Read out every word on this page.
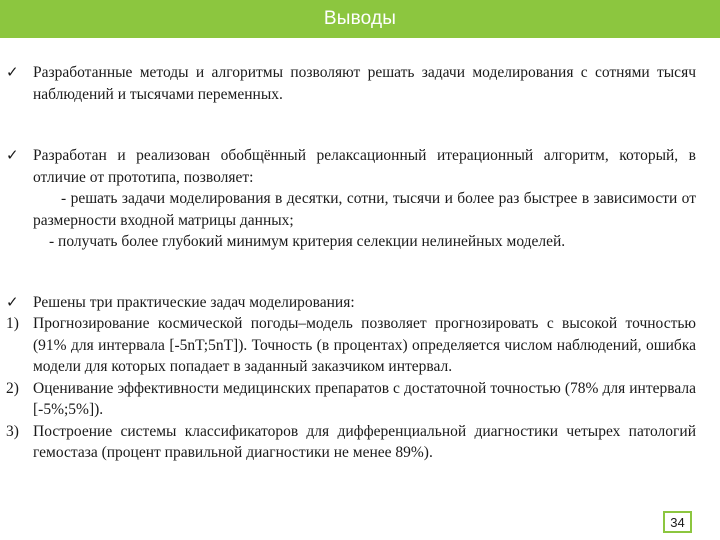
Выводы
✓ Разработанные методы и алгоритмы позволяют решать задачи моделирования с сотнями тысяч наблюдений и тысячами переменных.
✓ Разработан и реализован обобщённый релаксационный итерационный алгоритм, который, в отличие от прототипа, позволяет:
- решать задачи моделирования в десятки, сотни, тысячи и более раз быстрее в зависимости от размерности входной матрицы данных;
- получать более глубокий минимум критерия селекции нелинейных моделей.
✓ Решены три практические задач моделирования:
1) Прогнозирование космической погоды–модель позволяет прогнозировать с высокой точностью (91% для интервала [-5nT;5nT]). Точность (в процентах) определяется числом наблюдений, ошибка модели для которых попадает в заданный заказчиком интервал.
2) Оценивание эффективности медицинских препаратов с достаточной точностью (78% для интервала [-5%;5%]).
3) Построение системы классификаторов для дифференциальной диагностики четырех патологий гемостаза (процент правильной диагностики не менее 89%).
34
